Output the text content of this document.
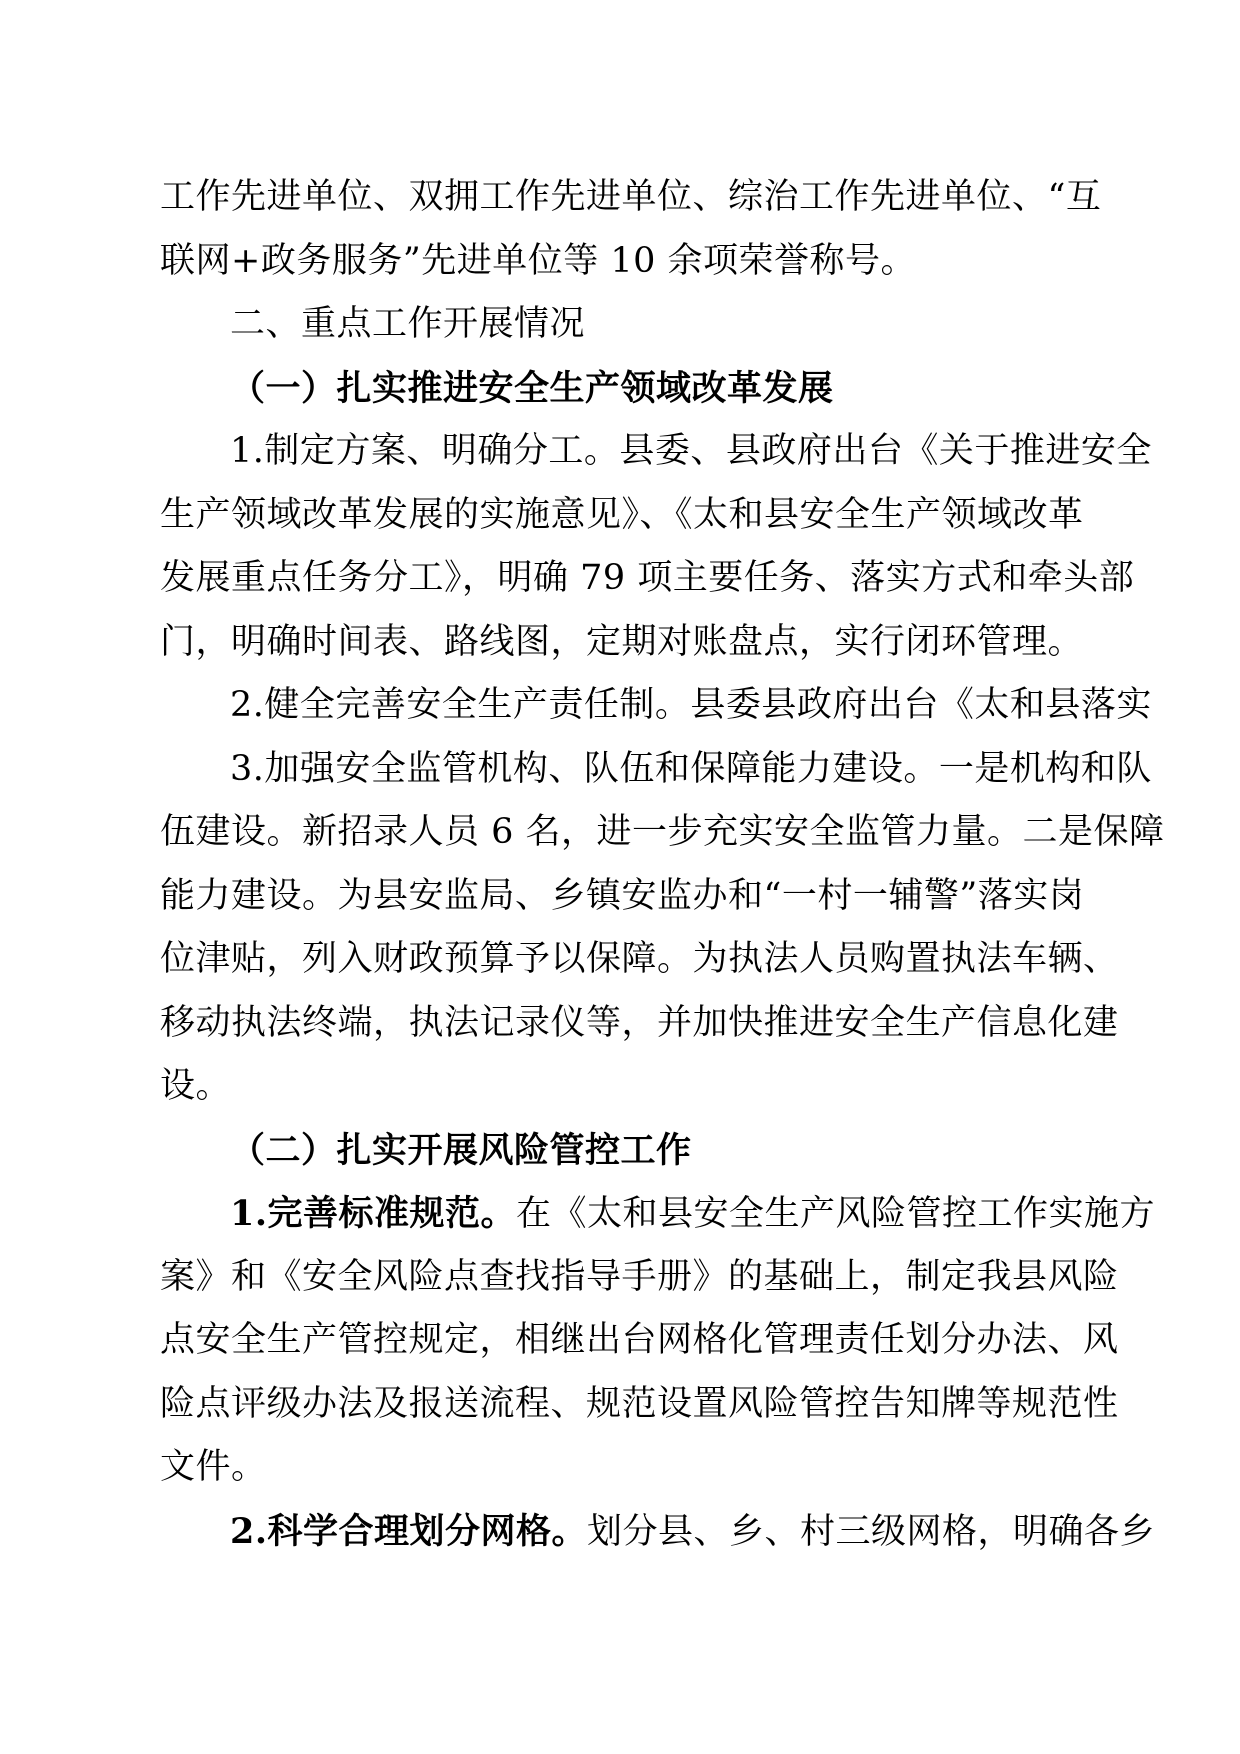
工作先进单位、双拥工作先进单位、综治工作先进单位、“互
联网+政务服务”先进单位等 10 余项荣誉称号。
二、重点工作开展情况
（一）扎实推进安全生产领域改革发展
1.制定方案、明确分工。县委、县政府出台《关于推进安全
生产领域改革发展的实施意见》、《太和县安全生产领域改革
发展重点任务分工》，明确 79 项主要任务、落实方式和牵头部
门，明确时间表、路线图，定期对账盘点，实行闭环管理。
2.健全完善安全生产责任制。县委县政府出台《太和县落实
3.加强安全监管机构、队伍和保障能力建设。一是机构和队
伍建设。新招录人员 6 名，进一步充实安全监管力量。二是保障
能力建设。为县安监局、乡镇安监办和“一村一辅警”落实岗
位津贴，列入财政预算予以保障。为执法人员购置执法车辆、
移动执法终端，执法记录仪等，并加快推进安全生产信息化建
设。
（二）扎实开展风险管控工作
1.完善标准规范。在《太和县安全生产风险管控工作实施方
案》和《安全风险点查找指导手册》的基础上，制定我县风险
点安全生产管控规定，相继出台网格化管理责任划分办法、风
险点评级办法及报送流程、规范设置风险管控告知牌等规范性
文件。
2.科学合理划分网格。划分县、乡、村三级网格，明确各乡
